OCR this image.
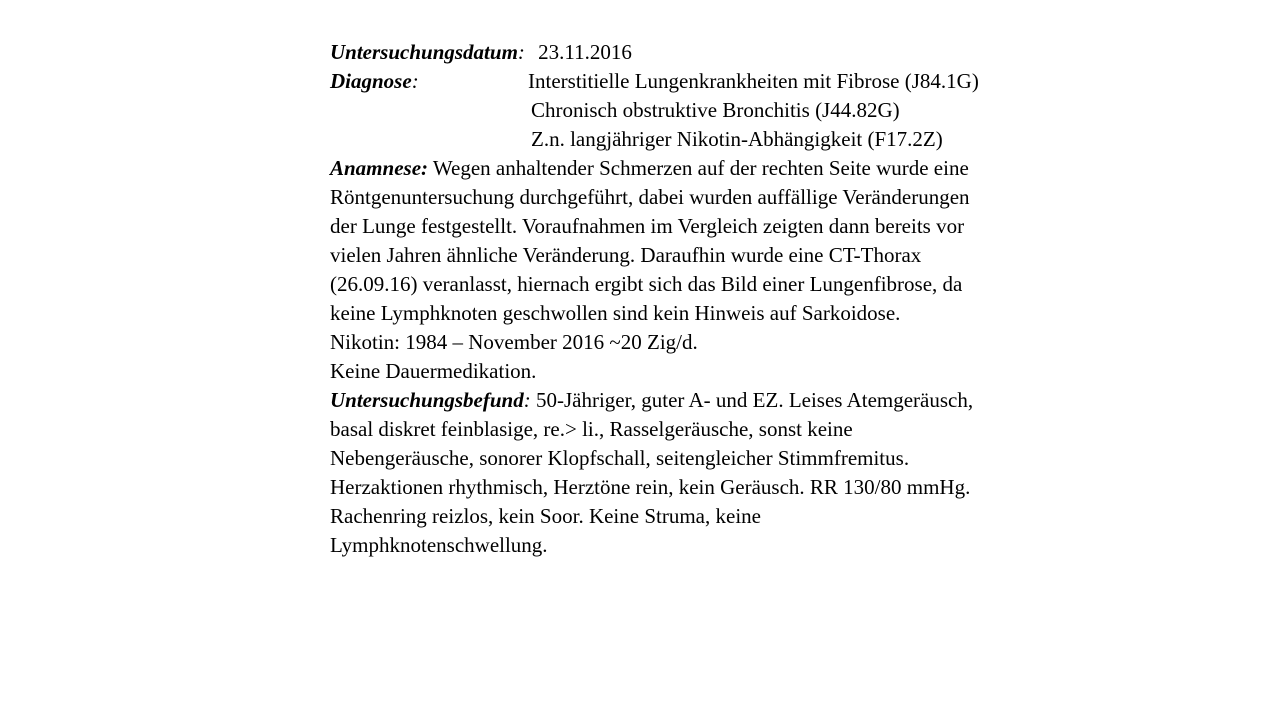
Untersuchungsdatum: 23.11.2016
Diagnose:	Interstitielle Lungenkrankheiten mit Fibrose (J84.1G)
Chronisch obstruktive Bronchitis (J44.82G)
Z.n. langjähriger Nikotin-Abhängigkeit (F17.2Z)
Anamnese: Wegen anhaltender Schmerzen auf der rechten Seite wurde eine
Röntgenuntersuchung durchgeführt, dabei wurden auffällige Veränderungen
der Lunge festgestellt. Voraufnahmen im Vergleich zeigten dann bereits vor
vielen Jahren ähnliche Veränderung. Daraufhin wurde eine CT-Thorax
(26.09.16) veranlasst, hiernach ergibt sich das Bild einer Lungenfibrose, da
keine Lymphknoten geschwollen sind kein Hinweis auf Sarkoidose.
Nikotin: 1984 – November 2016 ~20 Zig/d.
Keine Dauermedikation.
Untersuchungsbefund: 50-Jähriger, guter A- und EZ. Leises Atemgeräusch,
basal diskret feinblasige, re.> li., Rasselgeräusche, sonst keine
Nebengeräusche, sonorer Klopfschall, seitengleicher Stimmfremitus.
Herzaktionen rhythmisch, Herztöne rein, kein Geräusch. RR 130/80 mmHg.
Rachenring reizlos, kein Soor. Keine Struma, keine
Lymphknotenschwellung.
